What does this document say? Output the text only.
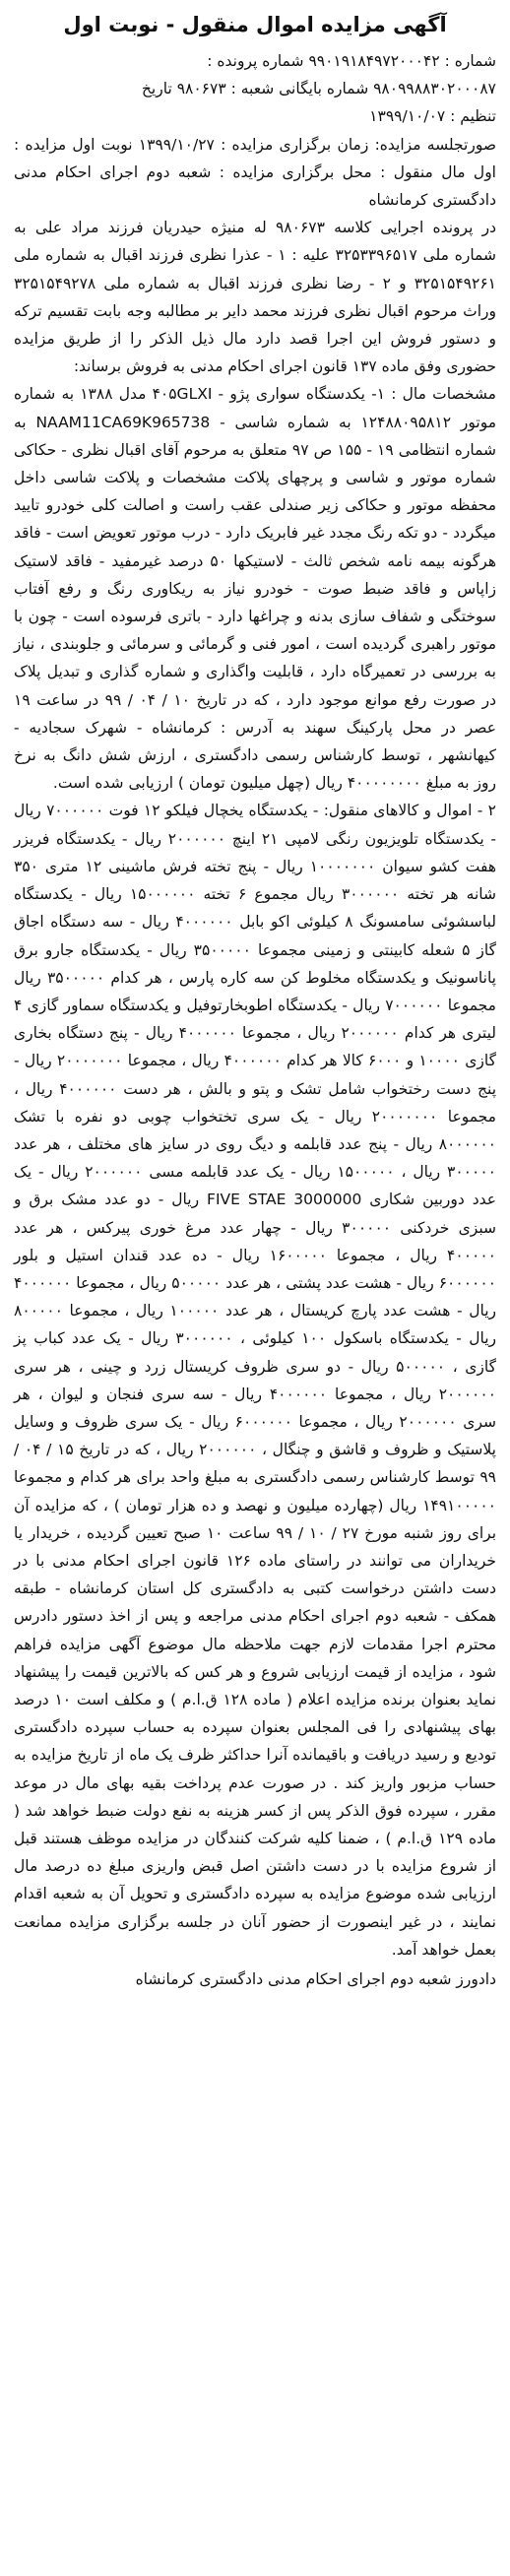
آگهی مزایده اموال منقول - نوبت اول
شماره : ۹۹۰۱۹۱۸۴۹۷۲۰۰۰۴۲ شماره پرونده :
۹۸۰۹۹۸۸۳۰۲۰۰۰۸۷ شماره بایگانی شعبه : ۹۸۰۶۷۳ تاریخ
تنظیم : ۱۳۹۹/۱۰/۰۷

صورتجلسه مزایده: زمان برگزاری مزایده : ۱۳۹۹/۱۰/۲۷ نوبت اول مزایده : اول مال منقول : محل برگزاری مزایده : شعبه دوم اجرای احکام مدنی دادگستری کرمانشاه

در پرونده اجرایی کلاسه ۹۸۰۶۷۳ له منیژه حیدریان فرزند مراد علی به شماره ملی ۳۲۵۳۳۹۶۵۱۷ علیه : ۱ - عذرا نظری فرزند اقبال به شماره ملی ۳۲۵۱۵۴۹۲۶۱ و ۲ - رضا نظری فرزند اقبال به شماره ملی ۳۲۵۱۵۴۹۲۷۸ وراث مرحوم اقبال نظری فرزند محمد دایر بر مطالبه وجه بابت تقسیم ترکه و دستور فروش این اجرا قصد دارد مال ذیل الذکر را از طریق مزایده حضوری وفق ماده ۱۳۷ قانون اجرای احکام مدنی به فروش برساند:

مشخصات مال : ۱- یکدستگاه سواری پژو - ۴۰۵GLXI مدل ۱۳۸۸ به شماره موتور ۱۲۴۸۸۰۹۵۸۱۲ به شماره شاسی - NAAM11CA69K965738 به شماره انتظامی ۱۹ - ۱۵۵ ص ۹۷ متعلق به مرحوم آقای اقبال نظری - حکاکی شماره موتور و شاسی و پرچهای پلاکت مشخصات و پلاکت شاسی داخل محفظه موتور و حکاکی زیر صندلی عقب راست و اصالت کلی خودرو تایید میگردد - دو تکه رنگ مجدد غیر فابریک دارد - درب موتور تعویض است - فاقد هرگونه بیمه نامه شخص ثالث - لاستیکها ۵۰ درصد غیرمفید - فاقد لاستیک زاپاس و فاقد ضبط صوت - خودرو نیاز به ریکاوری رنگ و رفع آفتاب سوختگی و شفاف سازی بدنه و چراغها دارد - باتری فرسوده است - چون با موتور راهبری گردیده است ، امور فنی و گرمائی و سرمائی و جلوبندی ، نیاز به بررسی در تعمیرگاه دارد ، قابلیت واگذاری و شماره گذاری و تبدیل پلاک در صورت رفع موانع موجود دارد ، که در تاریخ ۱۰ / ۰۴ / ۹۹ در ساعت ۱۹ عصر در محل پارکینگ سهند به آدرس : کرمانشاه - شهرک سجادیه - کیهانشهر ، توسط کارشناس رسمی دادگستری ، ارزش شش دانگ به نرخ روز به مبلغ ۴۰۰۰۰۰۰۰۰ ریال (چهل میلیون تومان ) ارزیابی شده است.

۲ - اموال و کالاهای منقول: - یکدستگاه یخچال فیلکو ۱۲ فوت ۷۰۰۰۰۰۰ ریال - یکدستگاه تلویزیون رنگی لامپی ۲۱ اینچ ۲۰۰۰۰۰۰ ریال - یکدستگاه فریزر هفت کشو سیوان ۱۰۰۰۰۰۰۰ ریال - پنج تخته فرش ماشینی ۱۲ متری ۳۵۰ شانه هر تخته ۳۰۰۰۰۰۰ ریال مجموع ۶ تخته ۱۵۰۰۰۰۰۰ ریال - یکدستگاه لباسشوئی سامسونگ ۸ کیلوئی اکو بابل ۴۰۰۰۰۰۰ ریال - سه دستگاه اجاق گاز ۵ شعله کابینتی و زمینی مجموعا ۳۵۰۰۰۰۰ ریال - یکدستگاه جارو برق پاناسونیک و یکدستگاه مخلوط کن سه کاره پارس ، هر کدام ۳۵۰۰۰۰۰ ریال مجموعا ۷۰۰۰۰۰۰ ریال - یکدستگاه اطوبخارتوفیل و یکدستگاه سماور گازی ۴ لیتری هر کدام ۲۰۰۰۰۰۰ ریال ، مجموعا ۴۰۰۰۰۰۰ ریال - پنج دستگاه بخاری گازی ۱۰۰۰۰ و ۶۰۰۰ کالا هر کدام ۴۰۰۰۰۰۰ ریال ، مجموعا ۲۰۰۰۰۰۰۰ ریال - پنج دست رختخواب شامل تشک و پتو و بالش ، هر دست ۴۰۰۰۰۰۰ ریال ، مجموعا ۲۰۰۰۰۰۰۰ ریال - یک سری تختخواب چوبی دو نفره با تشک ۸۰۰۰۰۰۰ ریال - پنج عدد قابلمه و دیگ روی در سایز های مختلف ، هر عدد ۳۰۰۰۰۰ ریال ، ۱۵۰۰۰۰۰ ریال - یک عدد قابلمه مسی ۲۰۰۰۰۰۰ ریال - یک عدد دوربین شکاری FIVE STAE 3000000 ریال - دو عدد مشک برق و سبزی خردکنی ۳۰۰۰۰۰ ریال - چهار عدد مرغ خوری پیرکس ، هر عدد ۴۰۰۰۰۰ ریال ، مجموعا ۱۶۰۰۰۰۰ ریال - ده عدد قندان استیل و بلور ۶۰۰۰۰۰۰ ریال - هشت عدد پشتی ، هر عدد ۵۰۰۰۰۰ ریال ، مجموعا ۴۰۰۰۰۰۰ ریال - هشت عدد پارچ کریستال ، هر عدد ۱۰۰۰۰۰ ریال ، مجموعا ۸۰۰۰۰۰ ریال - یکدستگاه باسکول ۱۰۰ کیلوئی ، ۳۰۰۰۰۰۰ ریال - یک عدد کباب پز گازی ، ۵۰۰۰۰۰ ریال - دو سری ظروف کریستال زرد و چینی ، هر سری ۲۰۰۰۰۰۰ ریال ، مجموعا ۴۰۰۰۰۰۰ ریال - سه سری فنجان و لیوان ، هر سری ۲۰۰۰۰۰۰ ریال ، مجموعا ۶۰۰۰۰۰۰ ریال - یک سری ظروف و وسایل پلاستیک و ظروف و قاشق و چنگال ، ۲۰۰۰۰۰۰ ریال ، که در تاریخ ۱۵ / ۰۴ / ۹۹ توسط کارشناس رسمی دادگستری به مبلغ واحد برای هر کدام و مجموعا ۱۴۹۱۰۰۰۰۰ ریال (چهارده میلیون و نهصد و ده هزار تومان ) ، که مزایده آن برای روز شنبه مورخ ۲۷ / ۱۰ / ۹۹ ساعت ۱۰ صبح تعیین گردیده ، خریدار یا خریداران می توانند در راستای ماده ۱۲۶ قانون اجرای احکام مدنی با در دست داشتن درخواست کتبی به دادگستری کل استان کرمانشاه - طبقه همکف - شعبه دوم اجرای احکام مدنی مراجعه و پس از اخذ دستور دادرس محترم اجرا مقدمات لازم جهت ملاحظه مال موضوع آگهی مزایده فراهم شود ، مزایده از قیمت ارزیابی شروع و هر کس که بالاترین قیمت را پیشنهاد نماید بعنوان برنده مزایده اعلام ( ماده ۱۲۸ ق.ا.م ) و مکلف است ۱۰ درصد بهای پیشنهادی را فی المجلس بعنوان سپرده به حساب سپرده دادگستری تودیع و رسید دریافت و باقیمانده آنرا حداکثر ظرف یک ماه از تاریخ مزایده به حساب مزبور واریز کند . در صورت عدم پرداخت بقیه بهای مال در موعد مقرر ، سپرده فوق الذکر پس از کسر هزینه به نفع دولت ضبط خواهد شد ( ماده ۱۲۹ ق.ا.م ) ، ضمنا کلیه شرکت کنندگان در مزایده موظف هستند قبل از شروع مزایده با در دست داشتن اصل قبض واریزی مبلغ ده درصد مال ارزیابی شده موضوع مزایده به سپرده دادگستری و تحویل آن به شعبه اقدام نمایند ، در غیر اینصورت از حضور آنان در جلسه برگزاری مزایده ممانعت بعمل خواهد آمد.

دادورز شعبه دوم اجرای احکام مدنی دادگستری کرمانشاه
